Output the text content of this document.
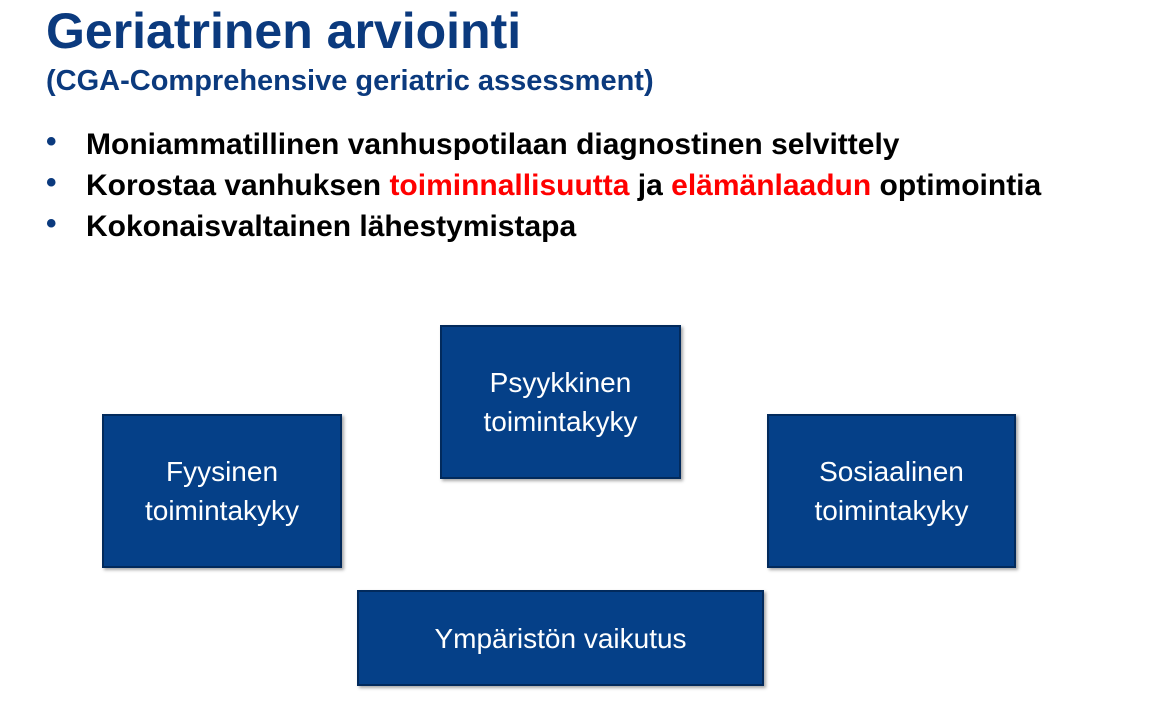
Geriatrinen arviointi
(CGA-Comprehensive geriatric assessment)
• Moniammatillinen vanhuspotilaan diagnostinen selvittely
• Korostaa vanhuksen toiminnallisuutta ja elämänlaadun optimointia
• Kokonaisvaltainen lähestymistapa
Psyykkinen toimintakyky
Fyysinen toimintakyky
Sosiaalinen toimintakyky
Ympäristön vaikutus
